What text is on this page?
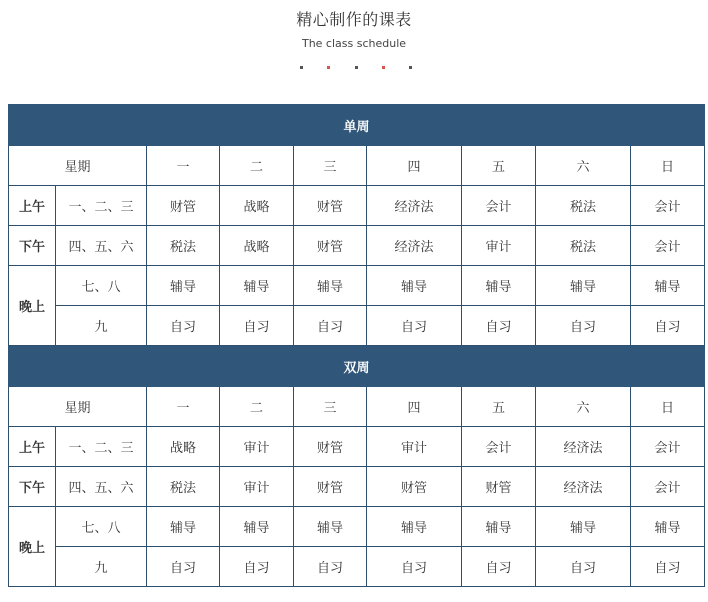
精心制作的课表
The class schedule
单周								
星期		一	二	三	四	五	六	日
上午	一、二、三	财管	战略	财管	经济法	会计	税法	会计
下午	四、五、六	税法	战略	财管	经济法	审计	税法	会计
晚上	七、八	辅导	辅导	辅导	辅导	辅导	辅导	辅导
	九	自习	自习	自习	自习	自习	自习	自习
双周								
星期		一	二	三	四	五	六	日
上午	一、二、三	战略	审计	财管	审计	会计	经济法	会计
下午	四、五、六	税法	审计	财管	财管	财管	经济法	会计
晚上	七、八	辅导	辅导	辅导	辅导	辅导	辅导	辅导
	九	自习	自习	自习	自习	自习	自习	自习
